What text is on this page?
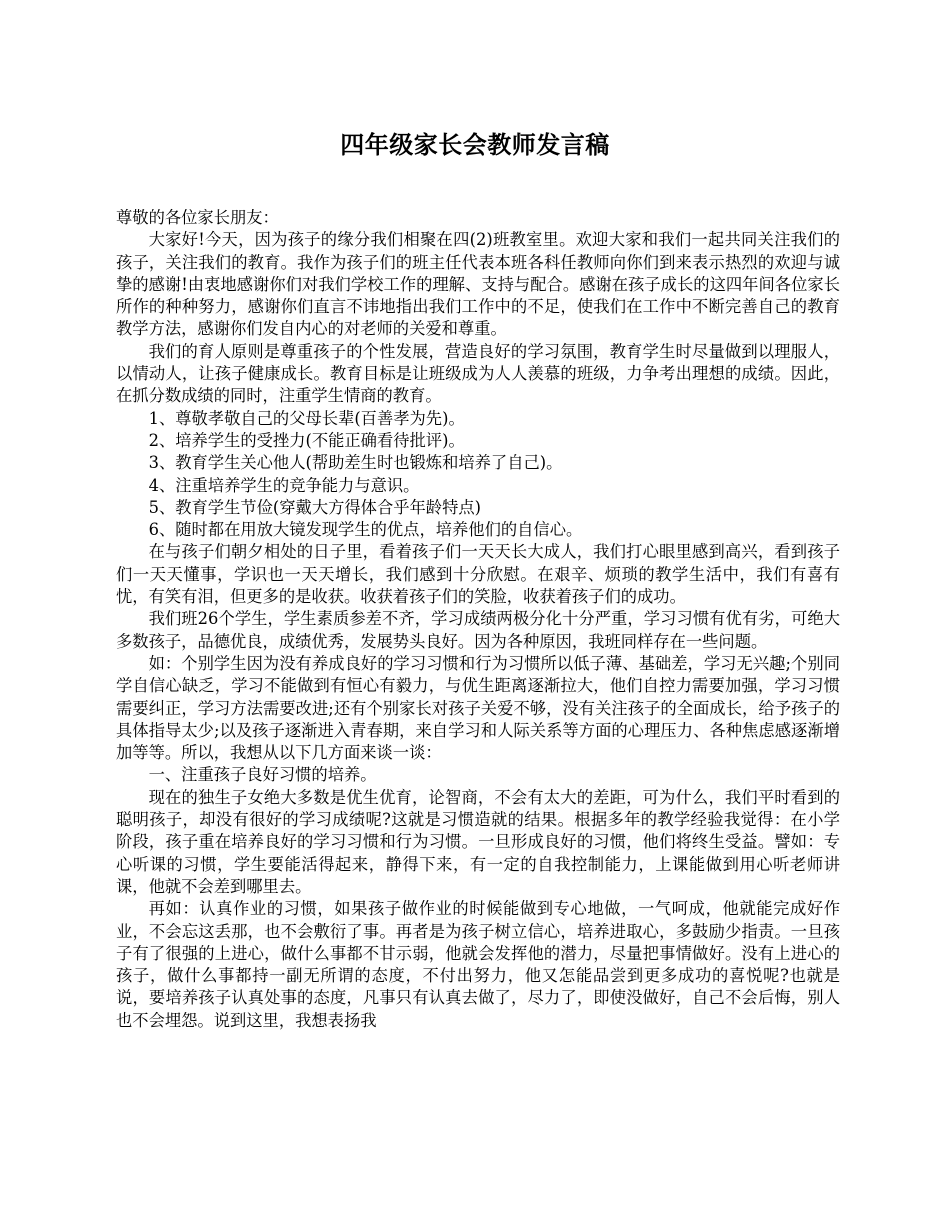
四年级家长会教师发言稿

尊敬的各位家长朋友：

大家好!今天，因为孩子的缘分我们相聚在四(2)班教室里。欢迎大家和我们一起共同关注我们的孩子，关注我们的教育。我作为孩子们的班主任代表本班各科任教师向你们到来表示热烈的欢迎与诚挚的感谢!由衷地感谢你们对我们学校工作的理解、支持与配合。感谢在孩子成长的这四年间各位家长所作的种种努力，感谢你们直言不讳地指出我们工作中的不足，使我们在工作中不断完善自己的教育教学方法，感谢你们发自内心的对老师的关爱和尊重。

我们的育人原则是尊重孩子的个性发展，营造良好的学习氛围，教育学生时尽量做到以理服人，以情动人，让孩子健康成长。教育目标是让班级成为人人羡慕的班级，力争考出理想的成绩。因此，在抓分数成绩的同时，注重学生情商的教育。

1、尊敬孝敬自己的父母长辈(百善孝为先)。

2、培养学生的受挫力(不能正确看待批评)。

3、教育学生关心他人(帮助差生时也锻炼和培养了自己)。

4、注重培养学生的竞争能力与意识。

5、教育学生节俭(穿戴大方得体合乎年龄特点)

6、随时都在用放大镜发现学生的优点，培养他们的自信心。

在与孩子们朝夕相处的日子里，看着孩子们一天天长大成人，我们打心眼里感到高兴，看到孩子们一天天懂事，学识也一天天增长，我们感到十分欣慰。在艰辛、烦琐的教学生活中，我们有喜有忧，有笑有泪，但更多的是收获。收获着孩子们的笑脸，收获着孩子们的成功。

我们班26个学生，学生素质参差不齐，学习成绩两极分化十分严重，学习习惯有优有劣，可绝大多数孩子，品德优良，成绩优秀，发展势头良好。因为各种原因，我班同样存在一些问题。

如：个别学生因为没有养成良好的学习习惯和行为习惯所以低子薄、基础差，学习无兴趣;个别同学自信心缺乏，学习不能做到有恒心有毅力，与优生距离逐渐拉大，他们自控力需要加强，学习习惯需要纠正，学习方法需要改进;还有个别家长对孩子关爱不够，没有关注孩子的全面成长，给予孩子的具体指导太少;以及孩子逐渐进入青春期，来自学习和人际关系等方面的心理压力、各种焦虑感逐渐增加等等。所以，我想从以下几方面来谈一谈：

一、注重孩子良好习惯的培养。

现在的独生子女绝大多数是优生优育，论智商，不会有太大的差距，可为什么，我们平时看到的聪明孩子，却没有很好的学习成绩呢?这就是习惯造就的结果。根据多年的教学经验我觉得：在小学阶段，孩子重在培养良好的学习习惯和行为习惯。一旦形成良好的习惯，他们将终生受益。譬如：专心听课的习惯，学生要能活得起来，静得下来，有一定的自我控制能力，上课能做到用心听老师讲课，他就不会差到哪里去。

再如：认真作业的习惯，如果孩子做作业的时候能做到专心地做，一气呵成，他就能完成好作业，不会忘这丢那，也不会敷衍了事。再者是为孩子树立信心，培养进取心，多鼓励少指责。一旦孩子有了很强的上进心，做什么事都不甘示弱，他就会发挥他的潜力，尽量把事情做好。没有上进心的孩子，做什么事都持一副无所谓的态度，不付出努力，他又怎能品尝到更多成功的喜悦呢?也就是说，要培养孩子认真处事的态度，凡事只有认真去做了，尽力了，即使没做好，自己不会后悔，别人也不会埋怨。说到这里，我想表扬我
